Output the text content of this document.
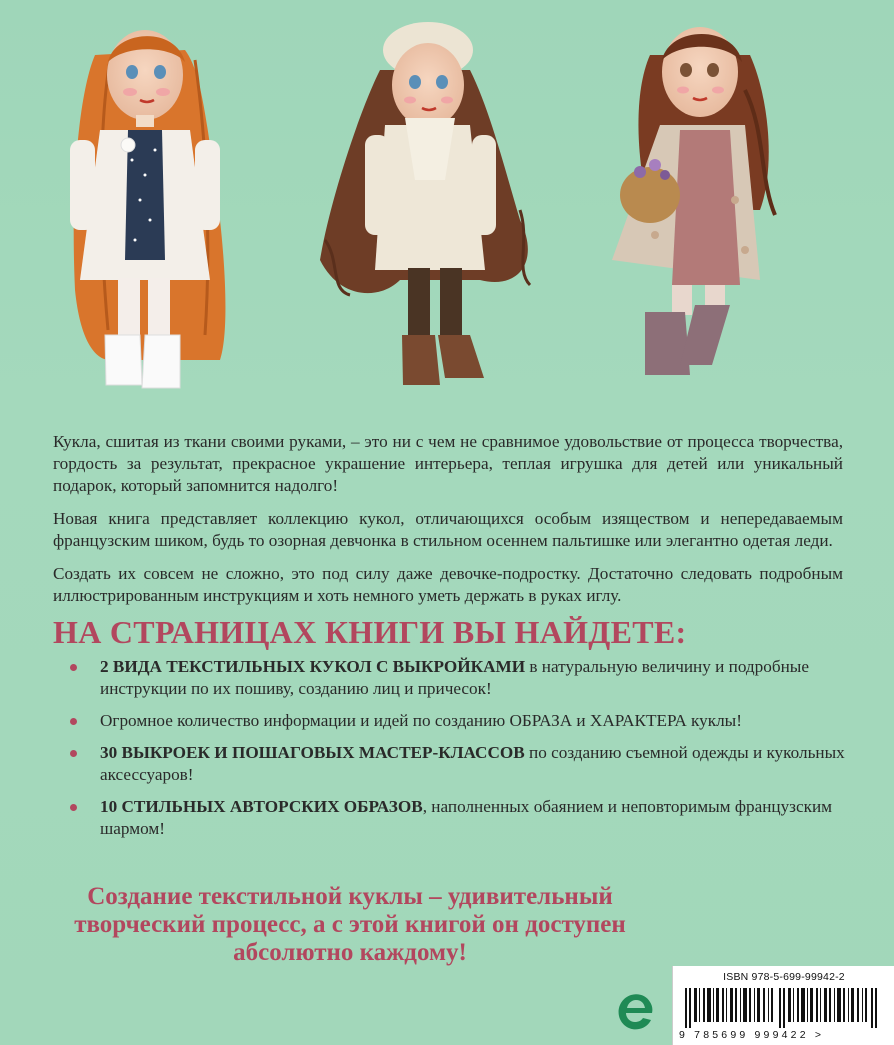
Кукла, сшитая из ткани своими руками, – это ни с чем не сравнимое удовольствие от процесса творчества, гордость за результат, прекрасное украшение интерьера, теплая игрушка для детей или уникальный подарок, который запомнится надолго!

Новая книга представляет коллекцию кукол, отличающихся особым изяществом и непередаваемым французским шиком, будь то озорная девчонка в стильном осеннем пальтишке или элегантно одетая леди.

Создать их совсем не сложно, это под силу даже девочке-подростку. Достаточно следовать подробным иллюстрированным инструкциям и хоть немного уметь держать в руках иглу.

НА СТРАНИЦАХ КНИГИ ВЫ НАЙДЕТЕ:
2 ВИДА ТЕКСТИЛЬНЫХ КУКОЛ С ВЫКРОЙКАМИ в натуральную величину и подробные инструкции по их пошиву, созданию лиц и причесок!
Огромное количество информации и идей по созданию ОБРАЗА и ХАРАКТЕРА куклы!
30 ВЫКРОЕК И ПОШАГОВЫХ МАСТЕР-КЛАССОВ по созданию съемной одежды и кукольных аксессуаров!
10 СТИЛЬНЫХ АВТОРСКИХ ОБРАЗОВ, наполненных обаянием и неповторимым французским шармом!

Создание текстильной куклы – удивительный
творческий процесс, а с этой книгой он доступен
абсолютно каждому!

ISBN 978-5-699-99942-2
9 785699 999422 >
